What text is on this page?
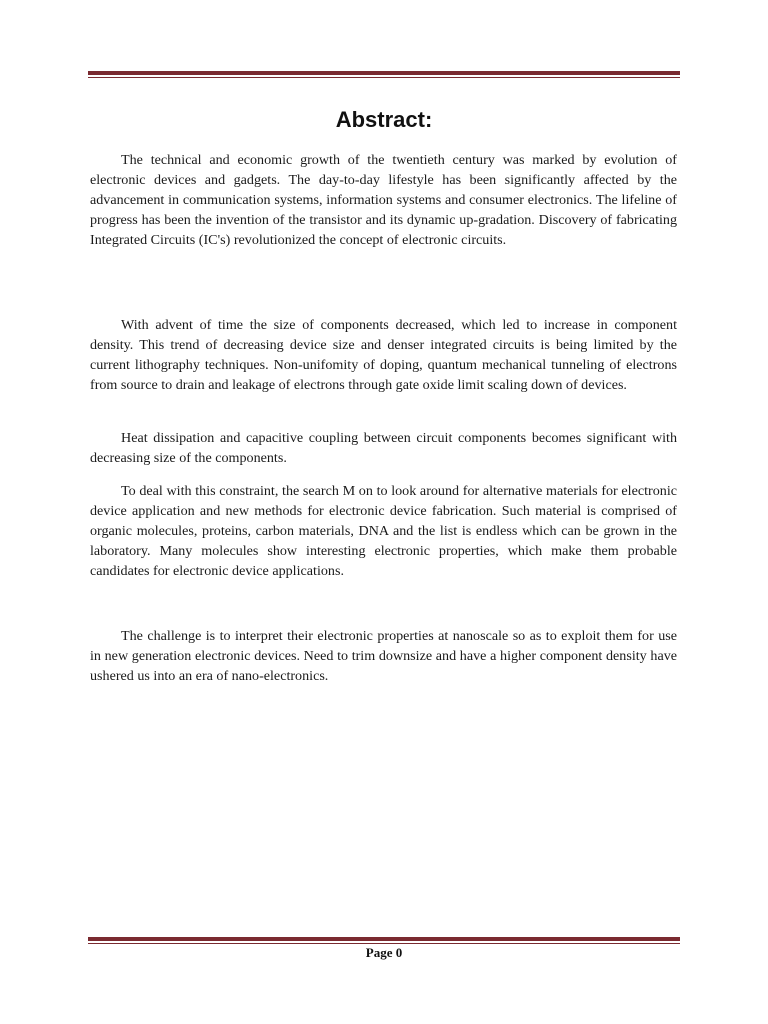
Abstract:

   The technical and economic growth of the twentieth century was marked by evolution of electronic devices and gadgets. The day-to-day lifestyle has been significantly affected by the advancement in communication systems, information systems and consumer electronics. The lifeline of progress has been the invention of the transistor and its dynamic up-gradation. Discovery of fabricating Integrated Circuits (IC's) revolutionized the concept of electronic circuits.

   With advent of time the size of components decreased, which led to increase in component density. This trend of decreasing device size and denser integrated circuits is being limited by the current lithography techniques. Non-unifomity of doping, quantum mechanical tunneling of electrons from source to drain and leakage of electrons through gate oxide limit scaling down of devices.

   Heat dissipation and capacitive coupling between circuit components becomes significant with decreasing size of the components.

   To deal with this constraint, the search M on to look around for alternative materials for electronic device application and new methods for electronic device fabrication. Such material is comprised of organic molecules, proteins, carbon materials, DNA and the list is endless which can be grown in the laboratory. Many molecules show interesting electronic properties, which make them probable candidates for electronic device applications.

   The challenge is to interpret their electronic properties at nanoscale so as to exploit them for use in new generation electronic devices. Need to trim downsize and have a higher component density have ushered us into an era of nano-electronics.

Page 0
